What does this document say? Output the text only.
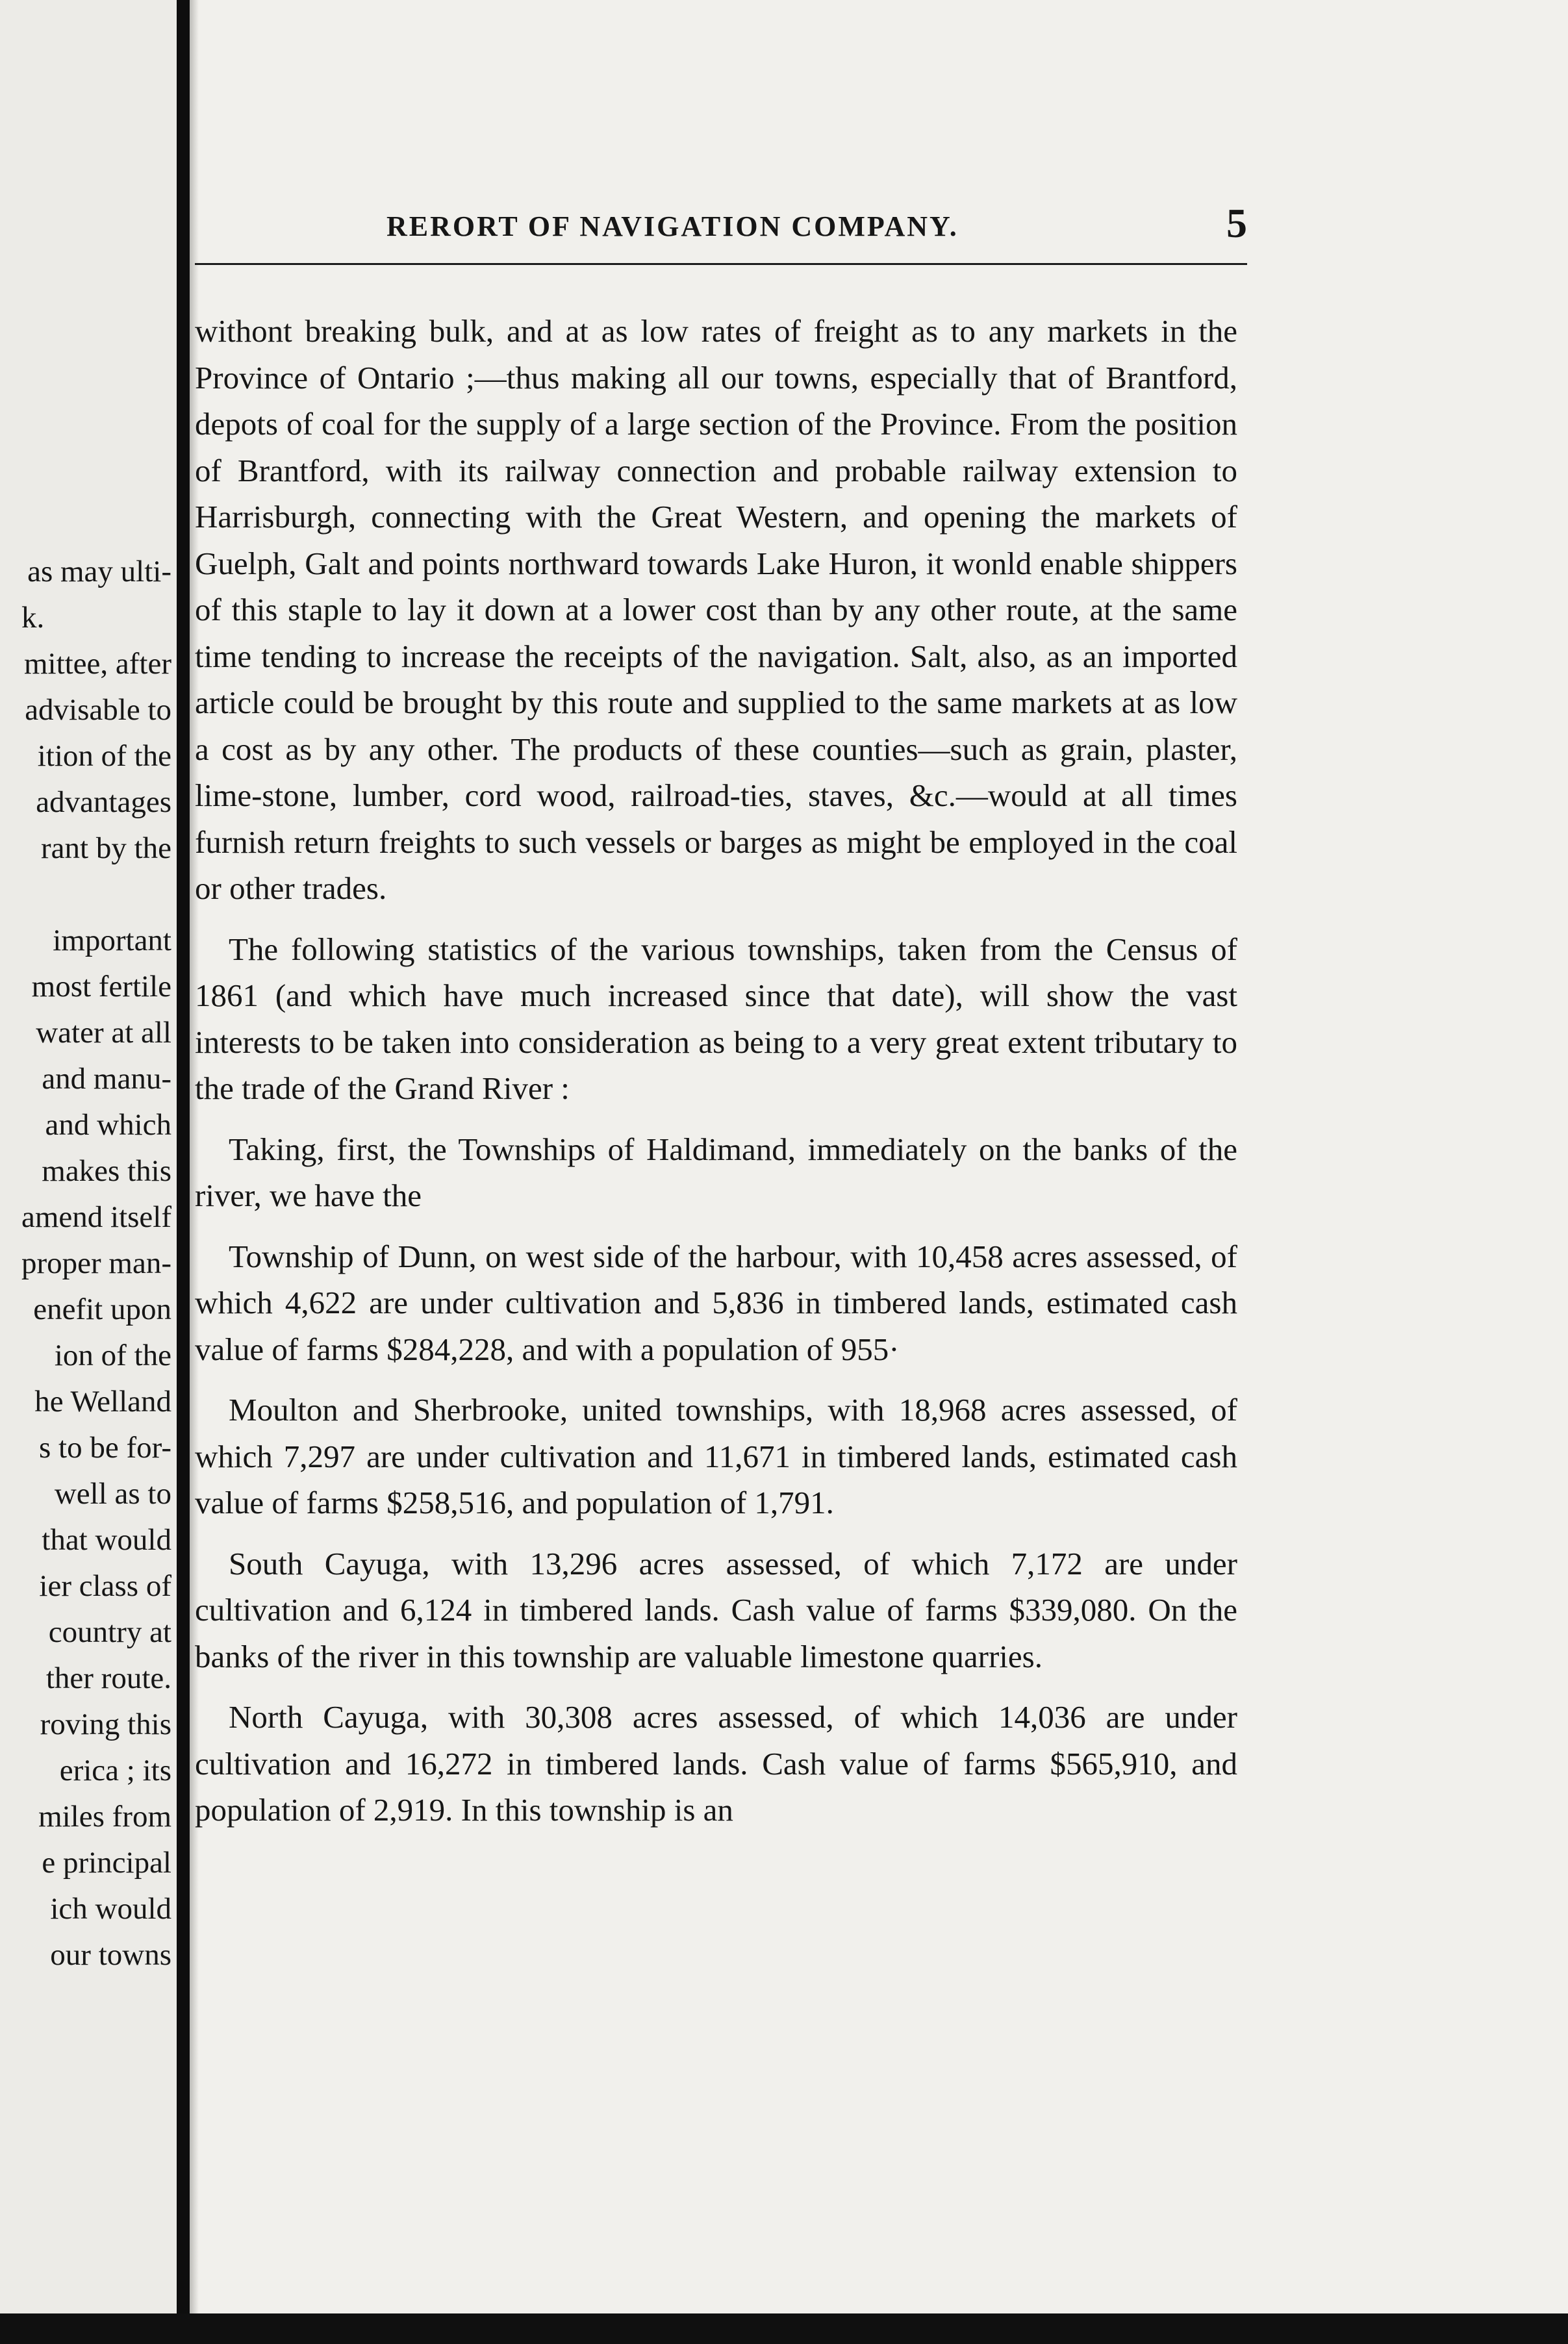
as may ulti-
k.
mittee, after
advisable to
ition of the
advantages
rant by the
important
most fertile
water at all
and manu-
and which
makes this
amend itself
proper man-
enefit upon
ion of the
he Welland
s to be for-
well as to
that would
ier class of
country at
ther route.
roving this
erica ; its
miles from
e principal
ich would
our towns
RERORT OF NAVIGATION COMPANY.	5

withont breaking bulk, and at as low rates of freight as to any markets in the Province of Ontario ;—thus making all our towns, especially that of Brantford, depots of coal for the supply of a large section of the Province. From the position of Brantford, with its railway connection and probable railway extension to Harrisburgh, connecting with the Great Western, and opening the markets of Guelph, Galt and points northward towards Lake Huron, it wonld enable shippers of this staple to lay it down at a lower cost than by any other route, at the same time tending to increase the receipts of the navigation. Salt, also, as an imported article could be brought by this route and supplied to the same markets at as low a cost as by any other. The products of these counties—such as grain, plaster, lime-stone, lumber, cord wood, railroad-ties, staves, &c.—would at all times furnish return freights to such vessels or barges as might be employed in the coal or other trades.

The following statistics of the various townships, taken from the Census of 1861 (and which have much increased since that date), will show the vast interests to be taken into consideration as being to a very great extent tributary to the trade of the Grand River :

Taking, first, the Townships of Haldimand, immediately on the banks of the river, we have the

Township of Dunn, on west side of the harbour, with 10,458 acres assessed, of which 4,622 are under cultivation and 5,836 in timbered lands, estimated cash value of farms $284,228, and with a population of 955·

Moulton and Sherbrooke, united townships, with 18,968 acres assessed, of which 7,297 are under cultivation and 11,671 in timbered lands, estimated cash value of farms $258,516, and population of 1,791.

South Cayuga, with 13,296 acres assessed, of which 7,172 are under cultivation and 6,124 in timbered lands. Cash value of farms $339,080. On the banks of the river in this township are valuable limestone quarries.

North Cayuga, with 30,308 acres assessed, of which 14,036 are under cultivation and 16,272 in timbered lands. Cash value of farms $565,910, and population of 2,919. In this township is an
